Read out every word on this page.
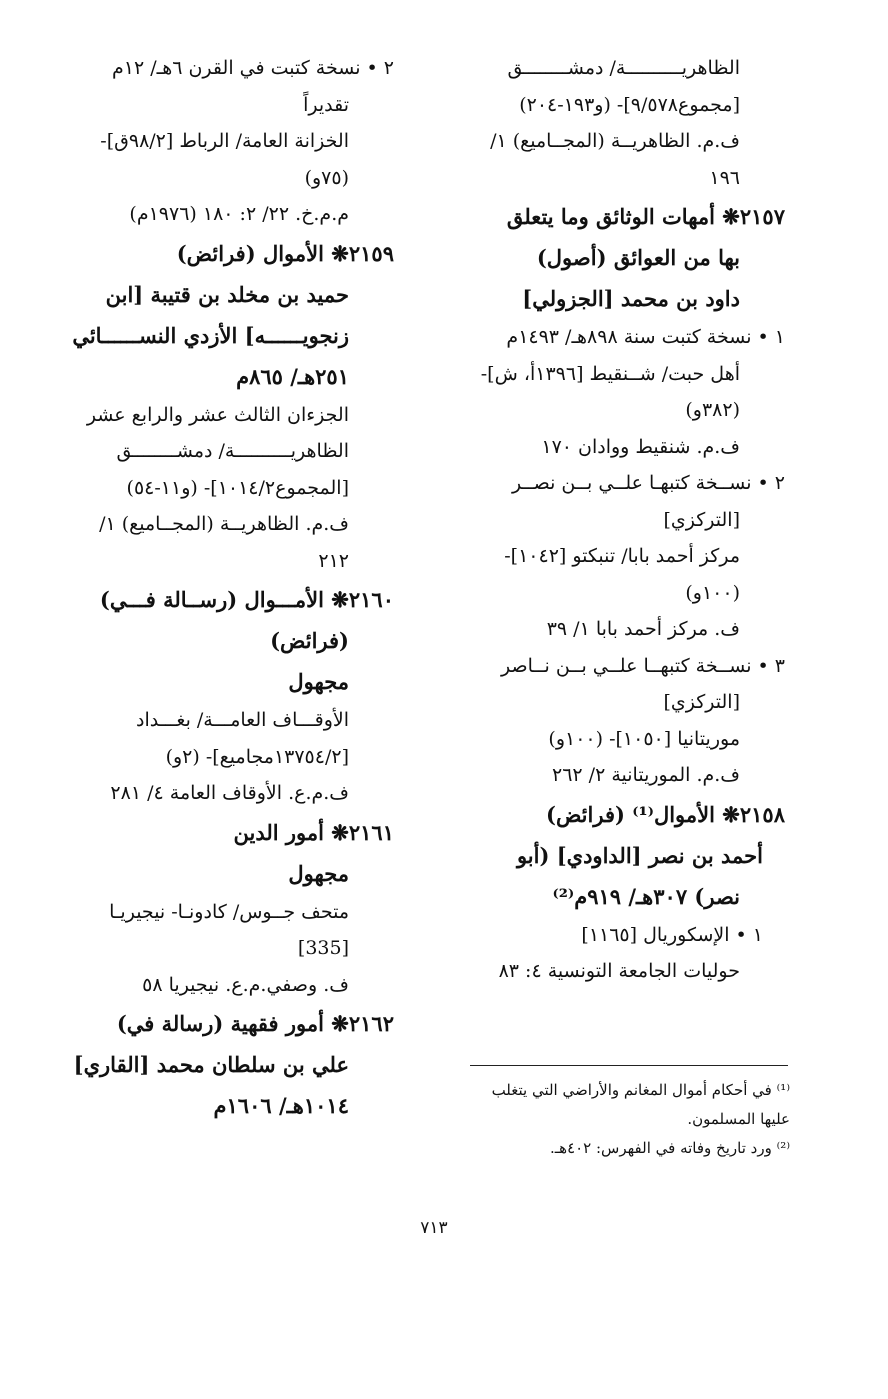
الظاهريــــــــــة/ دمشــــــــق
[مجموع٩/٥٧٨]- (و١٩٣-٢٠٤)
ف.م. الظاهريــة (المجــاميع) ١/
١٩٦
٢١٥٧❋ أمهات الوثائق وما يتعلق
بها من العوائق (أصول)
داود بن محمد [الجزولي]
١ • نسخة كتبت سنة ٨٩٨هـ/ ١٤٩٣م
أهل حبت/ شــنقيط [١٣٩٦أ، ش]-
(٣٨٢و)
ف.م. شنقيط ووادان ١٧٠
٢ • نســخة كتبهـا علــي بــن نصــر
[التركزي]
مركز أحمد بابا/ تنبكتو [١٠٤٢]-
(١٠٠و)
ف. مركز أحمد بابا ١/ ٣٩
٣ • نســخة كتبهــا علــي بــن نــاصر
[التركزي]
موريتانيا [١٠٥٠]- (١٠٠و)
ف.م. الموريتانية ٢/ ٢٦٢
٢١٥٨❋ الأموال⁽¹⁾ (فرائض)
أحمد بن نصر [الداودي] (أبو
نصر) ٣٠٧هـ/ ٩١٩م⁽²⁾
١ • الإسكوريال [١١٦٥]
حوليات الجامعة التونسية ٤: ٨٣
٢ • نسخة كتبت في القرن ٦هـ/ ١٢م
تقديراً
الخزانة العامة/ الرباط [٩٨/٢ق]-
(٧٥و)
م.م.خ. ٢٢/ ٢: ١٨٠ (١٩٧٦م)
٢١٥٩❋ الأموال (فرائض)
حميد بن مخلد بن قتيبة [ابن
زنجويــــــه] الأزدي النســــــائي
٢٥١هـ/ ٨٦٥م
الجزءان الثالث عشر والرابع عشر
الظاهريــــــــــة/ دمشــــــــق
[المجموع١٠١٤/٢]- (و١١-٥٤)
ف.م. الظاهريــة (المجــاميع) ١/
٢١٢
٢١٦٠❋ الأمـــوال (رســالة فـــي)
(فرائض)
مجهول
الأوقـــاف العامـــة/ بغـــداد
[١٣٧٥٤/٢مجاميع]- (٢و)
ف.م.ع. الأوقاف العامة ٤/ ٢٨١
٢١٦١❋ أمور الدين
مجهول
متحف جــوس/ كادونـا- نيجيريـا
[335]
ف. وصفي.م.ع. نيجيريا ٥٨
٢١٦٢❋ أمور فقهية (رسالة في)
علي بن سلطان محمد [القاري]
١٠١٤هـ/ ١٦٠٦م
⁽¹⁾ في أحكام أموال المغانم والأراضي التي يتغلب
عليها المسلمون.
⁽²⁾ ورد تاريخ وفاته في الفهرس: ٤٠٢هـ.
٧١٣
